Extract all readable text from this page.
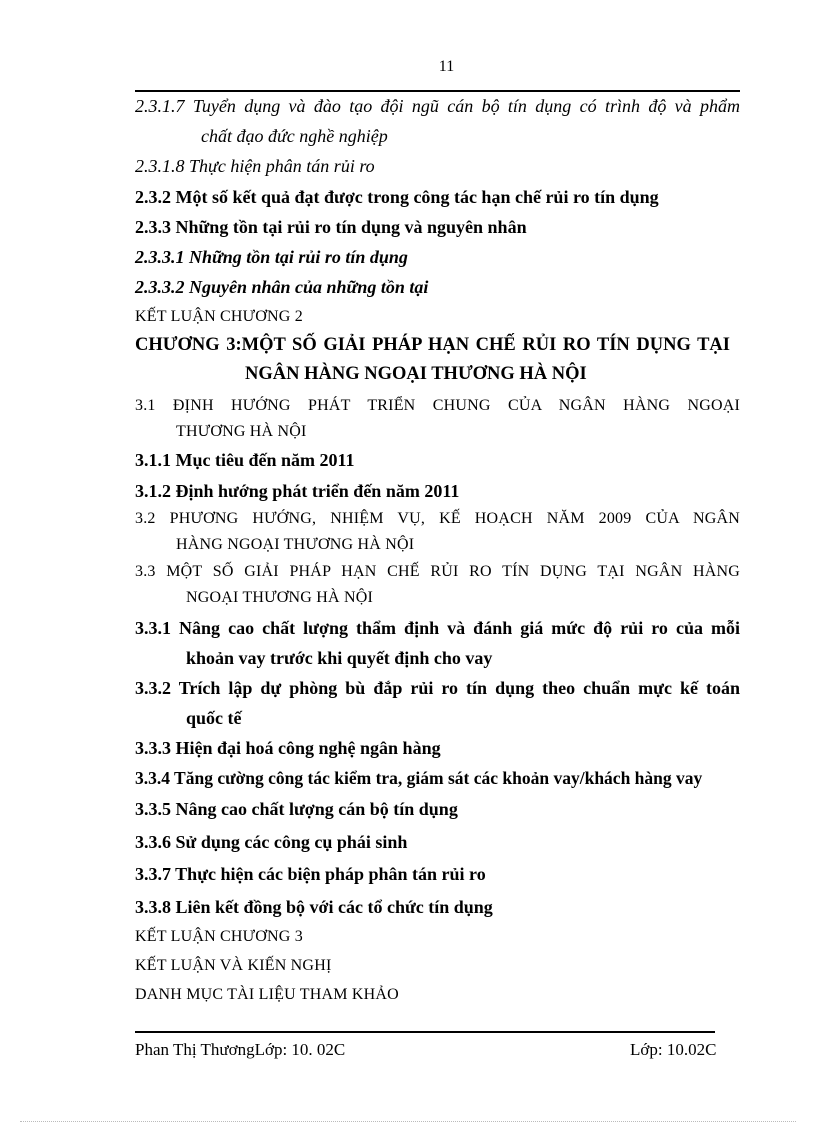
11
2.3.1.7 Tuyển dụng và đào tạo đội ngũ cán bộ tín dụng có trình độ và phẩm
chất đạo đức nghề nghiệp
2.3.1.8 Thực hiện phân tán rủi ro
2.3.2 Một số kết quả đạt được trong công tác hạn chế rủi ro tín dụng
2.3.3 Những tồn tại rủi ro tín dụng và nguyên nhân
2.3.3.1 Những tồn tại rủi ro tín dụng
2.3.3.2 Nguyên nhân của những tồn tại
KẾT LUẬN CHƯƠNG 2
CHƯƠNG 3:MỘT SỐ GIẢI PHÁP HẠN CHẾ RỦI RO TÍN DỤNG TẠI
NGÂN HÀNG NGOẠI THƯƠNG HÀ NỘI
3.1 ĐỊNH HƯỚNG PHÁT TRIỂN CHUNG CỦA NGÂN HÀNG NGOẠI
THƯƠNG HÀ NỘI
3.1.1 Mục tiêu đến năm 2011
3.1.2 Định hướng phát triển đến năm 2011
3.2 PHƯƠNG HƯỚNG, NHIỆM VỤ, KẾ HOẠCH NĂM 2009 CỦA NGÂN
HÀNG NGOẠI THƯƠNG HÀ NỘI
3.3 MỘT SỐ GIẢI PHÁP HẠN CHẾ RỦI RO TÍN DỤNG TẠI NGÂN HÀNG
NGOẠI THƯƠNG HÀ NỘI
3.3.1 Nâng cao chất lượng thẩm định và đánh giá mức độ rủi ro của mỗi
khoản vay trước khi quyết định cho vay
3.3.2 Trích lập dự phòng bù đắp rủi ro tín dụng theo chuẩn mực kế toán
quốc tế
3.3.3 Hiện đại hoá công nghệ ngân hàng
3.3.4 Tăng cường công tác kiểm tra, giám sát các khoản vay/khách hàng vay
3.3.5 Nâng cao chất lượng cán bộ tín dụng
3.3.6 Sử dụng các công cụ phái sinh
3.3.7 Thực hiện các biện pháp phân tán rủi ro
3.3.8 Liên kết đồng bộ với các tổ chức tín dụng
KẾT LUẬN CHƯƠNG 3
KẾT LUẬN VÀ KIẾN NGHỊ
DANH MỤC TÀI LIỆU THAM KHẢO
Phan Thị ThươngLớp: 10. 02C	Lớp: 10.02C
